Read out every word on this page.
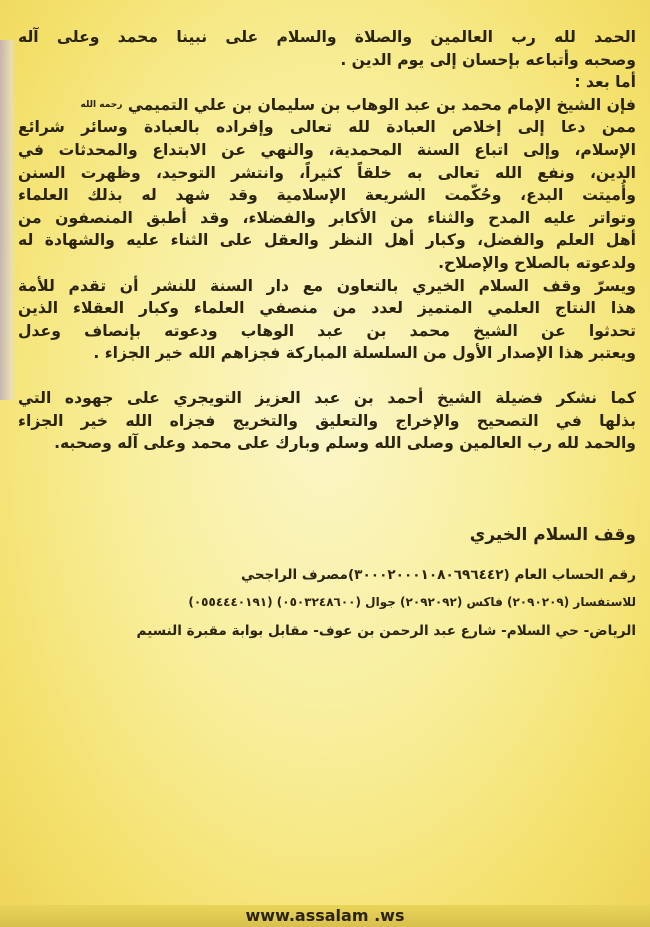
الحمد لله رب العالمين والصلاة والسلام على نبينا محمد وعلى آله
وصحبه وأتباعه بإحسان إلى يوم الدين .
أما بعد :
فإن الشيخ الإمام محمد بن عبد الوهاب بن سليمان بن علي التميمي $^{رحمه الله}$
ممن دعا إلى إخلاص العبادة لله تعالى وإفراده بالعبادة وسائر شرائع
الإسلام، وإلى اتباع السنة المحمدية، والنهي عن الابتداع والمحدثات في
الدين، ونفع الله تعالى به خلقاً كثيراً، وانتشر التوحيد، وظهرت السنن
وأُميتت البدع، وحُكّمت الشريعة الإسلامية وقد شهد له بذلك العلماء
وتواتر عليه المدح والثناء من الأكابر والفضلاء، وقد أطبق المنصفون من
أهل العلم والفضل، وكبار أهل النظر والعقل على الثناء عليه والشهادة له
ولدعوته بالصلاح والإصلاح.
ويسرّ وقف السلام الخيري بالتعاون مع دار السنة للنشر أن تقدم للأمة
هذا النتاج العلمي المتميز لعدد من منصفي العلماء وكبار العقلاء الذين
تحدثوا عن الشيخ محمد بن عبد الوهاب ودعوته بإنصاف وعدل
ويعتبر هذا الإصدار الأول من السلسلة المباركة فجزاهم الله خير الجزاء .
كما نشكر فضيلة الشيخ أحمد بن عبد العزيز التويجري على جهوده التي
بذلها في التصحيح والإخراج والتعليق والتخريج فجزاه الله خير الجزاء
والحمد لله رب العالمين وصلى الله وسلم وبارك على محمد وعلى آله وصحبه.
وقف السلام الخيري
رقم الحساب العام (٣٠٠٠٢٠٠٠١٠٨٠٦٩٦٤٤٢)مصرف الراجحي
للاستفسار (٢٠٩٠٢٠٩) فاكس (٢٠٩٢٠٩٢) جوال (٠٥٠٣٢٤٨٦٠٠) (٠٥٥٤٤٤٠١٩١)
الرياض- حي السلام- شارع عبد الرحمن بن عوف- مقابل بوابة مقبرة النسيم
www.assalam .ws
